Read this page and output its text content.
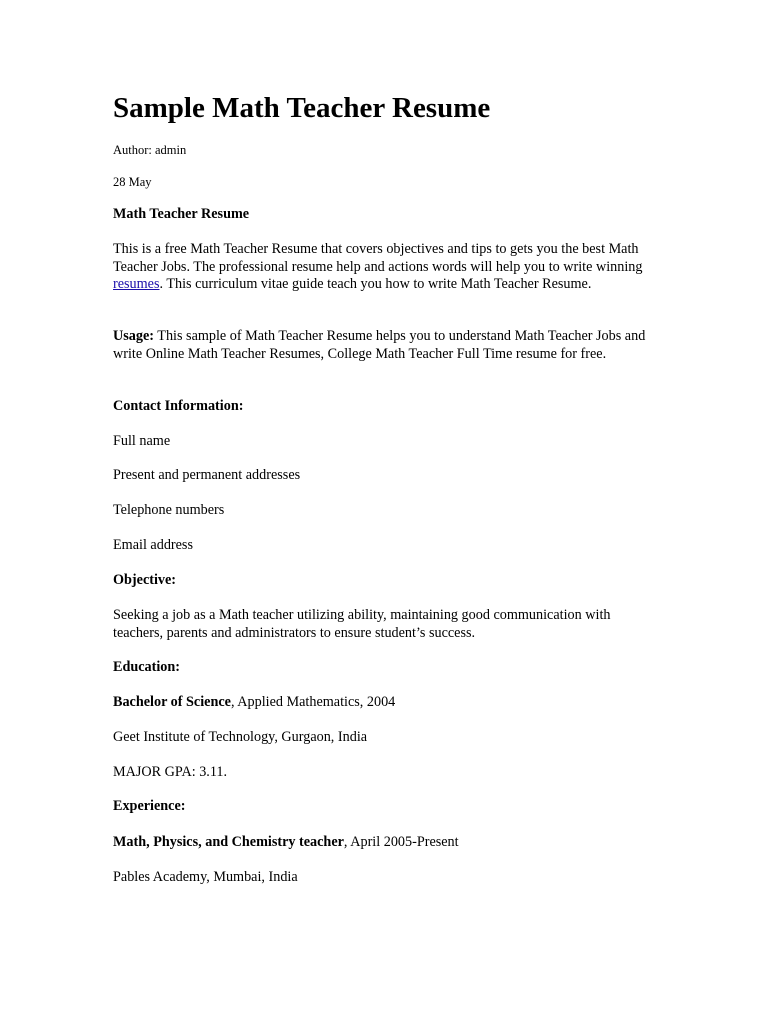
Sample Math Teacher Resume

Author: admin

28 May

Math Teacher Resume

This is a free Math Teacher Resume that covers objectives and tips to gets you the best Math Teacher Jobs. The professional resume help and actions words will help you to write winning resumes. This curriculum vitae guide teach you how to write Math Teacher Resume.

Usage: This sample of Math Teacher Resume helps you to understand Math Teacher Jobs and write Online Math Teacher Resumes, College Math Teacher Full Time resume for free.

Contact Information:

Full name

Present and permanent addresses

Telephone numbers

Email address

Objective:

Seeking a job as a Math teacher utilizing ability, maintaining good communication with teachers, parents and administrators to ensure student’s success.

Education:

Bachelor of Science, Applied Mathematics, 2004

Geet Institute of Technology, Gurgaon, India

MAJOR GPA: 3.11.

Experience:

Math, Physics, and Chemistry teacher, April 2005-Present

Pables Academy, Mumbai, India
